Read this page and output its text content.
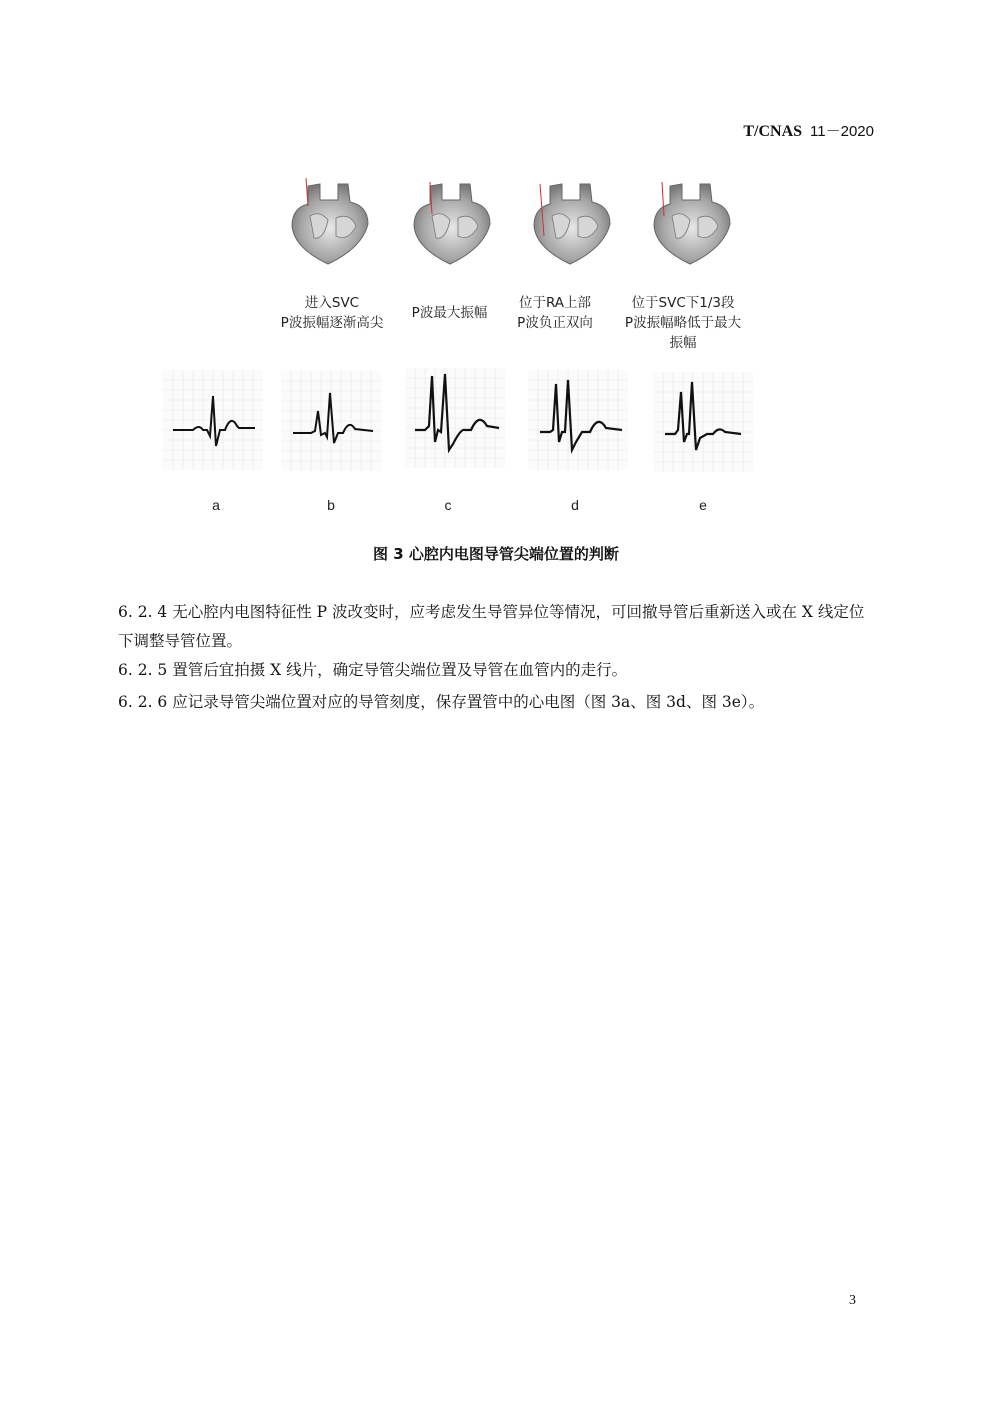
T/CNAS 11－2020
进入SVC
P波振幅逐渐高尖
P波最大振幅
位于RA上部
P波负正双向
位于SVC下1/3段
P波振幅略低于最大
振幅
a	b	c	d	e
图 3 心腔内电图导管尖端位置的判断
6. 2. 4 无心腔内电图特征性 P 波改变时，应考虑发生导管异位等情况，可回撤导管后重新送入或在 X 线定位下调整导管位置。
6. 2. 5 置管后宜拍摄 X 线片，确定导管尖端位置及导管在血管内的走行。
6. 2. 6 应记录导管尖端位置对应的导管刻度，保存置管中的心电图（图 3a、图 3d、图 3e）。
3
